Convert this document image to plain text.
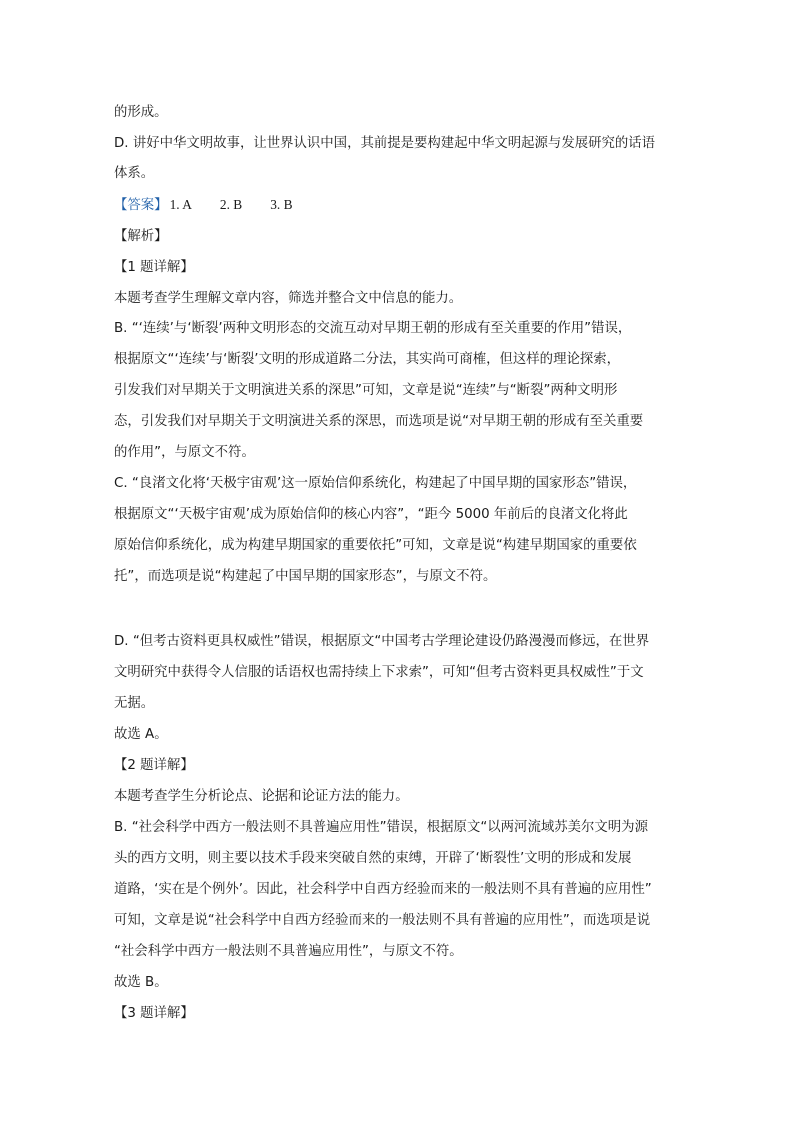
的形成。
D. 讲好中华文明故事，让世界认识中国，其前提是要构建起中华文明起源与发展研究的话语
体系。
【答案】 1. A 2. B 3. B
【解析】
【1 题详解】
本题考查学生理解文章内容，筛选并整合文中信息的能力。
B. “‘连续’与‘断裂’两种文明形态的交流互动对早期王朝的形成有至关重要的作用”错误，
根据原文“‘连续’与‘断裂’文明的形成道路二分法，其实尚可商榷，但这样的理论探索，
引发我们对早期关于文明演进关系的深思”可知，文章是说“连续”与“断裂”两种文明形
态，引发我们对早期关于文明演进关系的深思，而选项是说“对早期王朝的形成有至关重要
的作用”，与原文不符。
C. “良渚文化将‘天极宇宙观’这一原始信仰系统化，构建起了中国早期的国家形态”错误，
根据原文“‘天极宇宙观’成为原始信仰的核心内容”，“距今 5000 年前后的良渚文化将此
原始信仰系统化，成为构建早期国家的重要依托”可知，文章是说“构建早期国家的重要依
托”，而选项是说“构建起了中国早期的国家形态”，与原文不符。
D. “但考古资料更具权威性”错误，根据原文“中国考古学理论建设仍路漫漫而修远，在世界
文明研究中获得令人信服的话语权也需持续上下求索”，可知“但考古资料更具权威性”于文
无据。
故选 A。
【2 题详解】
本题考查学生分析论点、论据和论证方法的能力。
B. “社会科学中西方一般法则不具普遍应用性”错误，根据原文“以两河流域苏美尔文明为源
头的西方文明，则主要以技术手段来突破自然的束缚，开辟了‘断裂性’文明的形成和发展
道路，‘实在是个例外’。因此，社会科学中自西方经验而来的一般法则不具有普遍的应用性”
可知，文章是说“社会科学中自西方经验而来的一般法则不具有普遍的应用性”，而选项是说
“社会科学中西方一般法则不具普遍应用性”，与原文不符。
故选 B。
【3 题详解】
